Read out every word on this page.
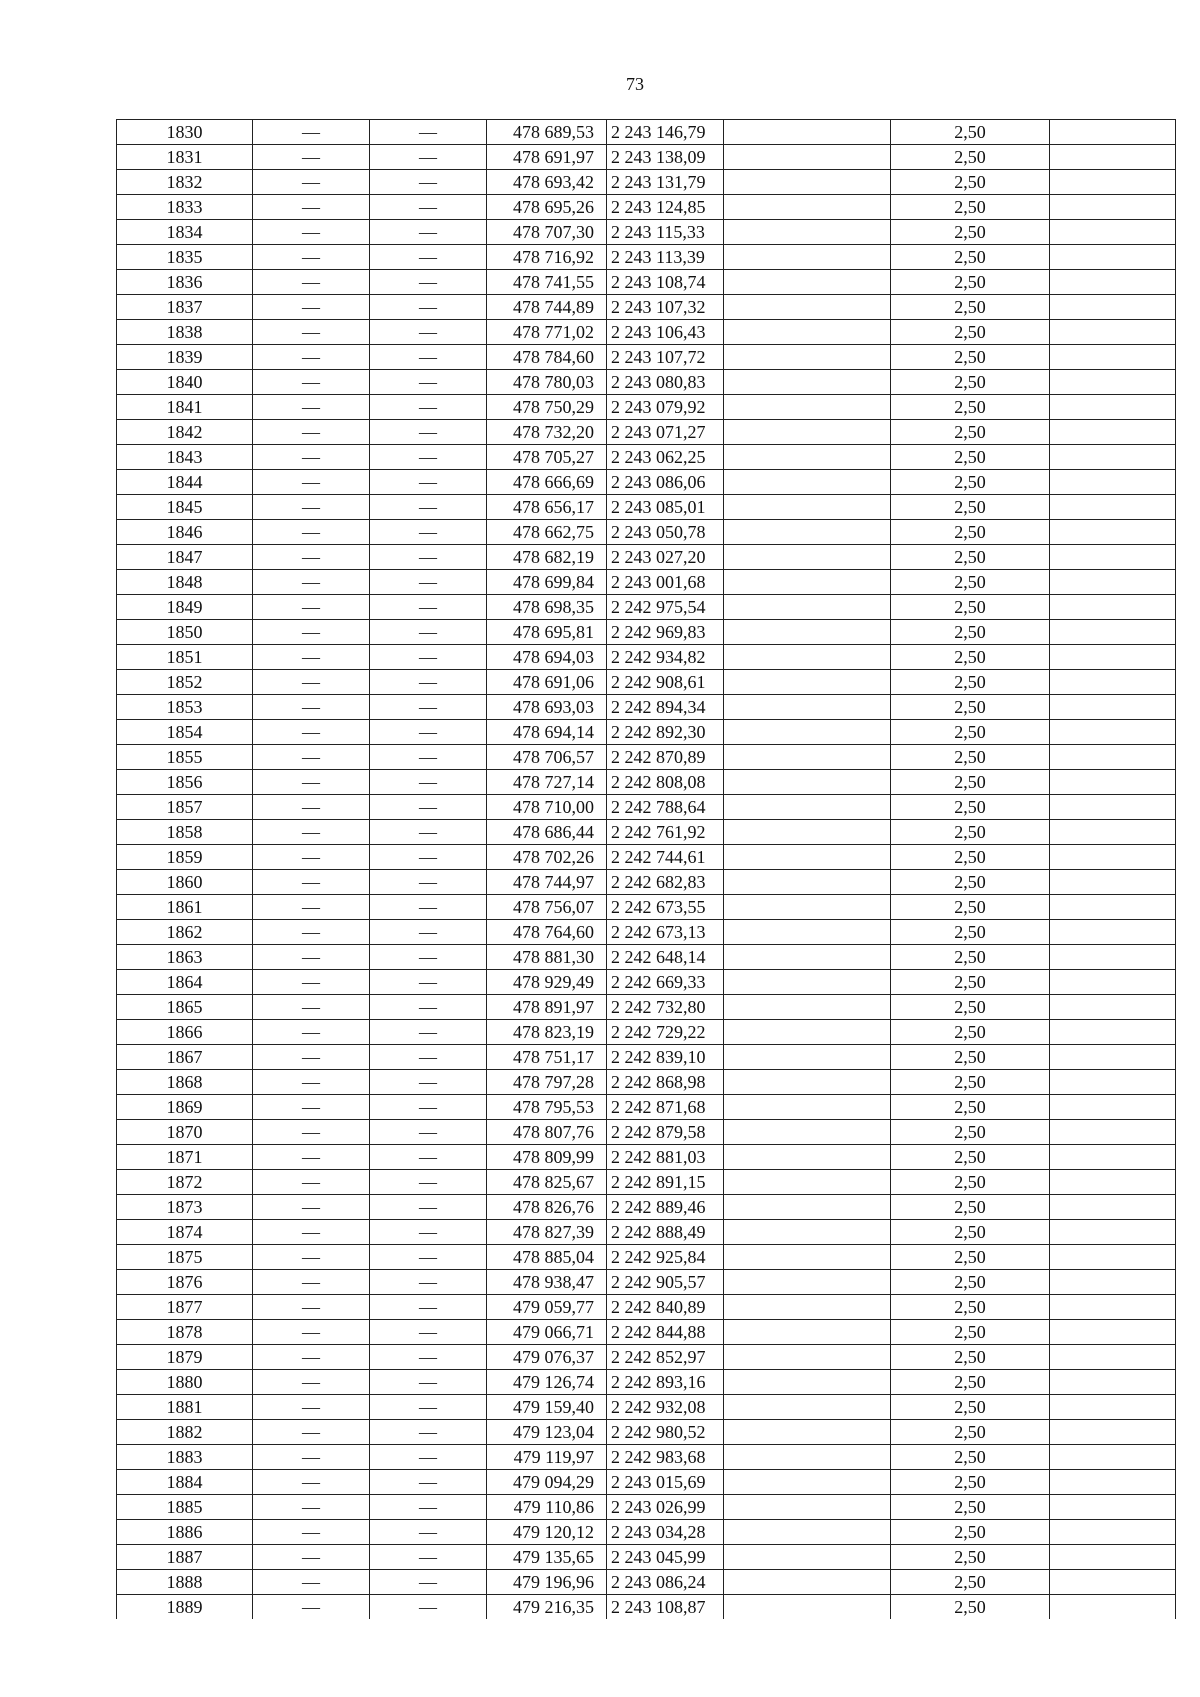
73
1830	—	—	478 689,53	2 243 146,79		2,50	
1831	—	—	478 691,97	2 243 138,09		2,50	
1832	—	—	478 693,42	2 243 131,79		2,50	
1833	—	—	478 695,26	2 243 124,85		2,50	
1834	—	—	478 707,30	2 243 115,33		2,50	
1835	—	—	478 716,92	2 243 113,39		2,50	
1836	—	—	478 741,55	2 243 108,74		2,50	
1837	—	—	478 744,89	2 243 107,32		2,50	
1838	—	—	478 771,02	2 243 106,43		2,50	
1839	—	—	478 784,60	2 243 107,72		2,50	
1840	—	—	478 780,03	2 243 080,83		2,50	
1841	—	—	478 750,29	2 243 079,92		2,50	
1842	—	—	478 732,20	2 243 071,27		2,50	
1843	—	—	478 705,27	2 243 062,25		2,50	
1844	—	—	478 666,69	2 243 086,06		2,50	
1845	—	—	478 656,17	2 243 085,01		2,50	
1846	—	—	478 662,75	2 243 050,78		2,50	
1847	—	—	478 682,19	2 243 027,20		2,50	
1848	—	—	478 699,84	2 243 001,68		2,50	
1849	—	—	478 698,35	2 242 975,54		2,50	
1850	—	—	478 695,81	2 242 969,83		2,50	
1851	—	—	478 694,03	2 242 934,82		2,50	
1852	—	—	478 691,06	2 242 908,61		2,50	
1853	—	—	478 693,03	2 242 894,34		2,50	
1854	—	—	478 694,14	2 242 892,30		2,50	
1855	—	—	478 706,57	2 242 870,89		2,50	
1856	—	—	478 727,14	2 242 808,08		2,50	
1857	—	—	478 710,00	2 242 788,64		2,50	
1858	—	—	478 686,44	2 242 761,92		2,50	
1859	—	—	478 702,26	2 242 744,61		2,50	
1860	—	—	478 744,97	2 242 682,83		2,50	
1861	—	—	478 756,07	2 242 673,55		2,50	
1862	—	—	478 764,60	2 242 673,13		2,50	
1863	—	—	478 881,30	2 242 648,14		2,50	
1864	—	—	478 929,49	2 242 669,33		2,50	
1865	—	—	478 891,97	2 242 732,80		2,50	
1866	—	—	478 823,19	2 242 729,22		2,50	
1867	—	—	478 751,17	2 242 839,10		2,50	
1868	—	—	478 797,28	2 242 868,98		2,50	
1869	—	—	478 795,53	2 242 871,68		2,50	
1870	—	—	478 807,76	2 242 879,58		2,50	
1871	—	—	478 809,99	2 242 881,03		2,50	
1872	—	—	478 825,67	2 242 891,15		2,50	
1873	—	—	478 826,76	2 242 889,46		2,50	
1874	—	—	478 827,39	2 242 888,49		2,50	
1875	—	—	478 885,04	2 242 925,84		2,50	
1876	—	—	478 938,47	2 242 905,57		2,50	
1877	—	—	479 059,77	2 242 840,89		2,50	
1878	—	—	479 066,71	2 242 844,88		2,50	
1879	—	—	479 076,37	2 242 852,97		2,50	
1880	—	—	479 126,74	2 242 893,16		2,50	
1881	—	—	479 159,40	2 242 932,08		2,50	
1882	—	—	479 123,04	2 242 980,52		2,50	
1883	—	—	479 119,97	2 242 983,68		2,50	
1884	—	—	479 094,29	2 243 015,69		2,50	
1885	—	—	479 110,86	2 243 026,99		2,50	
1886	—	—	479 120,12	2 243 034,28		2,50	
1887	—	—	479 135,65	2 243 045,99		2,50	
1888	—	—	479 196,96	2 243 086,24		2,50	
1889	—	—	479 216,35	2 243 108,87		2,50	
